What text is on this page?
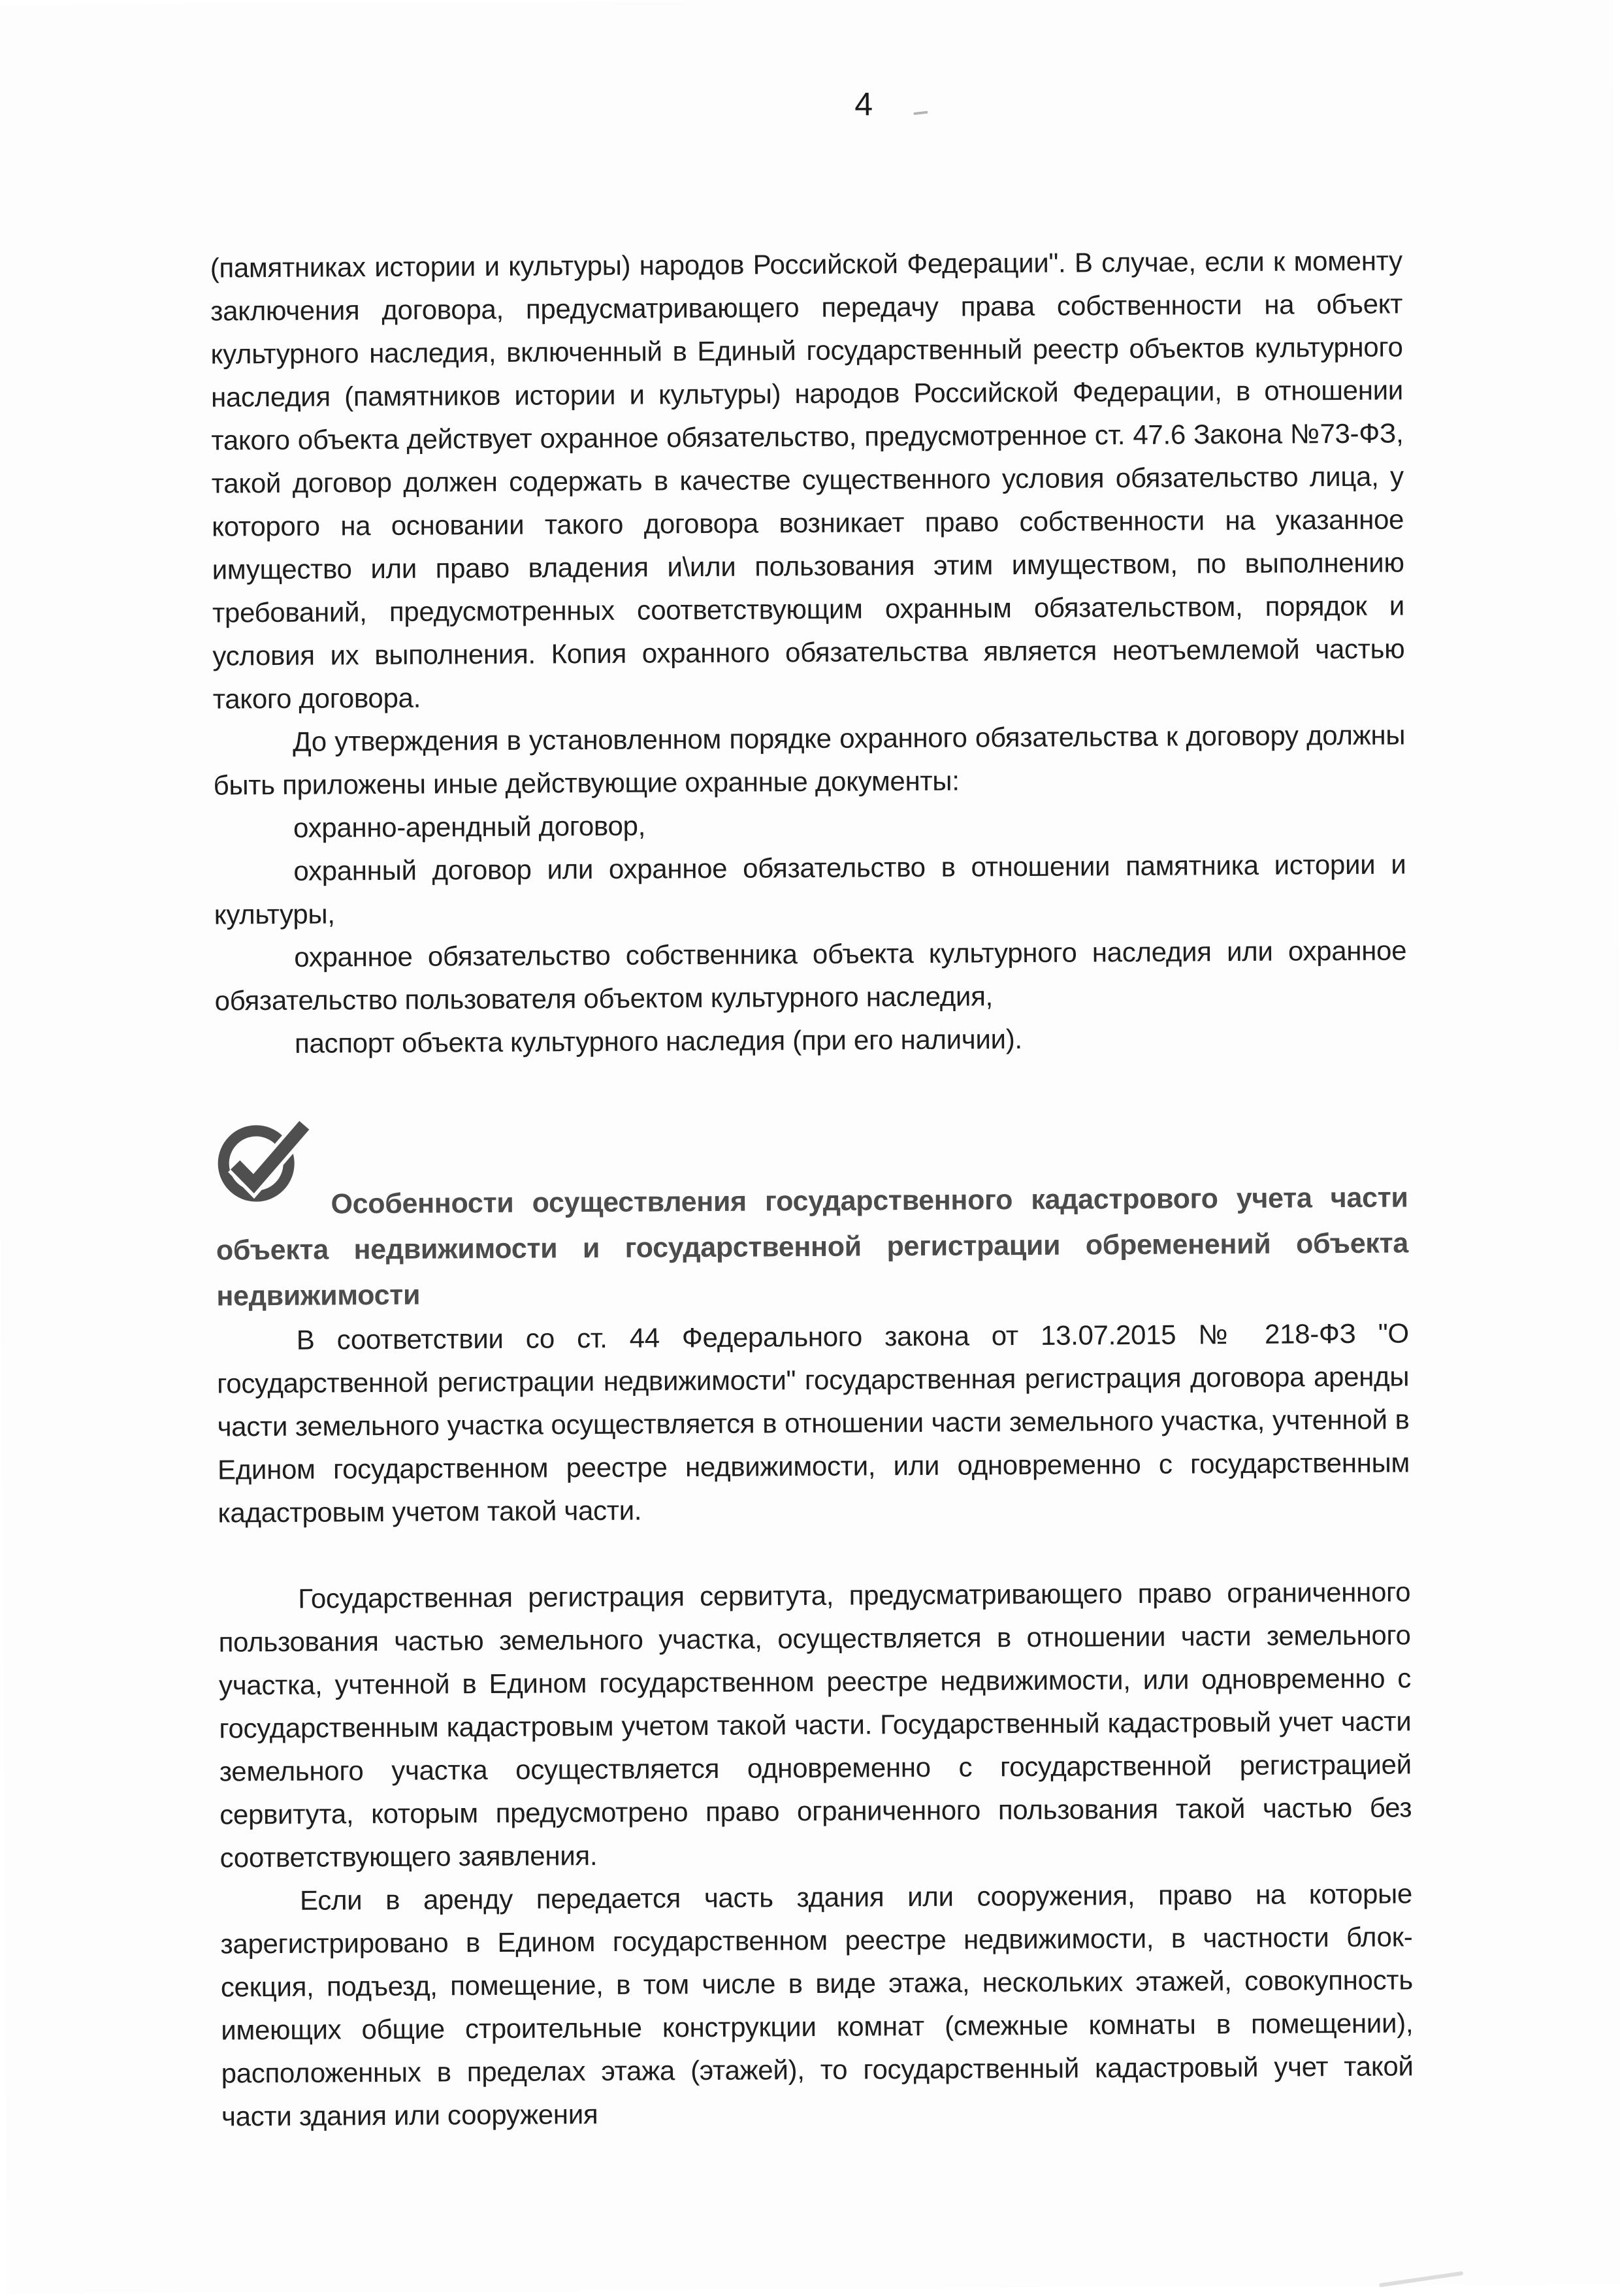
4

(памятниках истории и культуры) народов Российской Федерации". В случае, если к моменту заключения договора, предусматривающего передачу права собственности на объект культурного наследия, включенный в Единый государственный реестр объектов культурного наследия (памятников истории и культуры) народов Российской Федерации, в отношении такого объекта действует охранное обязательство, предусмотренное ст. 47.6 Закона №73-ФЗ, такой договор должен содержать в качестве существенного условия обязательство лица, у которого на основании такого договора возникает право собственности на указанное имущество или право владения и\или пользования этим имуществом, по выполнению требований, предусмотренных соответствующим охранным обязательством, порядок и условия их выполнения. Копия охранного обязательства является неотъемлемой частью такого договора.

До утверждения в установленном порядке охранного обязательства к договору должны быть приложены иные действующие охранные документы:

охранно-арендный договор,

охранный договор или охранное обязательство в отношении памятника истории и культуры,

охранное обязательство собственника объекта культурного наследия или охранное обязательство пользователя объектом культурного наследия,

паспорт объекта культурного наследия (при его наличии).

Особенности осуществления государственного кадастрового учета части объекта недвижимости и государственной регистрации обременений объекта недвижимости

В соответствии со ст. 44 Федерального закона от 13.07.2015 № 218-ФЗ "О государственной регистрации недвижимости" государственная регистрация договора аренды части земельного участка осуществляется в отношении части земельного участка, учтенной в Едином государственном реестре недвижимости, или одновременно с государственным кадастровым учетом такой части.

Государственная регистрация сервитута, предусматривающего право ограниченного пользования частью земельного участка, осуществляется в отношении части земельного участка, учтенной в Едином государственном реестре недвижимости, или одновременно с государственным кадастровым учетом такой части. Государственный кадастровый учет части земельного участка осуществляется одновременно с государственной регистрацией сервитута, которым предусмотрено право ограниченного пользования такой частью без соответствующего заявления.

Если в аренду передается часть здания или сооружения, право на которые зарегистрировано в Едином государственном реестре недвижимости, в частности блок-секция, подъезд, помещение, в том числе в виде этажа, нескольких этажей, совокупность имеющих общие строительные конструкции комнат (смежные комнаты в помещении), расположенных в пределах этажа (этажей), то государственный кадастровый учет такой части здания или сооружения
